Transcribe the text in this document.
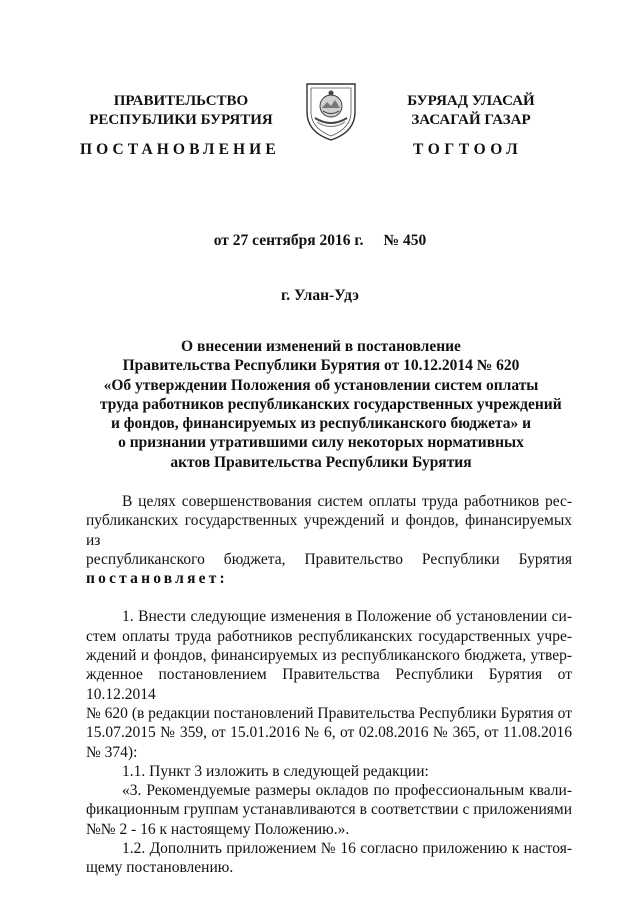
ПРАВИТЕЛЬСТВО
РЕСПУБЛИКИ БУРЯТИЯ
БУРЯАД УЛАСАЙ
ЗАСАГАЙ ГАЗАР
ПОСТАНОВЛЕНИЕ	ТОГТООЛ
от 27 сентября 2016 г. № 450
г. Улан-Удэ
О внесении изменений в постановление
Правительства Республики Бурятия от 10.12.2014 № 620
«Об утверждении Положения об установлении систем оплаты
труда работников республиканских государственных учреждений
и фондов, финансируемых из республиканского бюджета» и
о признании утратившими силу некоторых нормативных
актов Правительства Республики Бурятия
В целях совершенствования систем оплаты труда работников рес-
публиканских государственных учреждений и фондов, финансируемых из
республиканского бюджета, Правительство Республики Бурятия
постановляет:
1. Внести следующие изменения в Положение об установлении си-
стем оплаты труда работников республиканских государственных учре-
ждений и фондов, финансируемых из республиканского бюджета, утвер-
жденное постановлением Правительства Республики Бурятия от 10.12.2014
№ 620 (в редакции постановлений Правительства Республики Бурятия от
15.07.2015 № 359, от 15.01.2016 № 6, от 02.08.2016 № 365, от 11.08.2016
№ 374):
1.1. Пункт 3 изложить в следующей редакции:
«3. Рекомендуемые размеры окладов по профессиональным квали-
фикационным группам устанавливаются в соответствии с приложениями
№№ 2 - 16 к настоящему Положению.».
1.2. Дополнить приложением № 16 согласно приложению к настоя-
щему постановлению.
